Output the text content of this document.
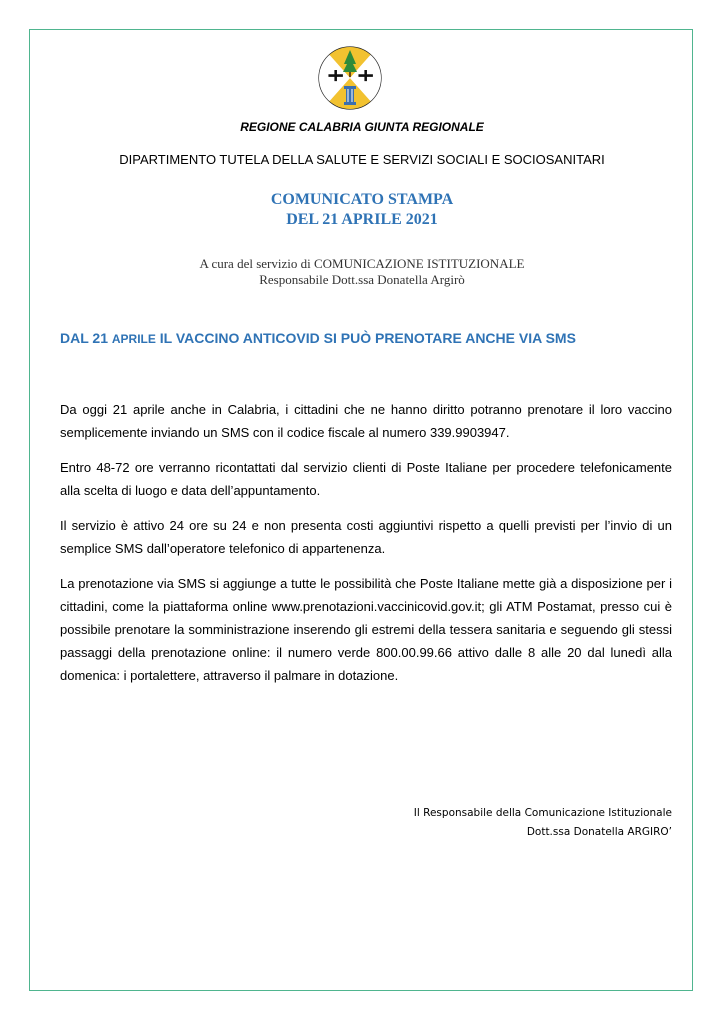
REGIONE CALABRIA GIUNTA REGIONALE
DIPARTIMENTO TUTELA DELLA SALUTE E SERVIZI SOCIALI E SOCIOSANITARI
COMUNICATO STAMPA
DEL 21 APRILE 2021
A cura del servizio di COMUNICAZIONE ISTITUZIONALE
Responsabile Dott.ssa Donatella Argirò
DAL 21 APRILE IL VACCINO ANTICOVID SI PUÒ PRENOTARE ANCHE VIA SMS

Da oggi 21 aprile anche in Calabria, i cittadini che ne hanno diritto potranno prenotare il loro vaccino semplicemente inviando un SMS con il codice fiscale al numero 339.9903947.

Entro 48-72 ore verranno ricontattati dal servizio clienti di Poste Italiane per procedere telefonicamente alla scelta di luogo e data dell’appuntamento.

Il servizio è attivo 24 ore su 24 e non presenta costi aggiuntivi rispetto a quelli previsti per l’invio di un semplice SMS dall’operatore telefonico di appartenenza.

La prenotazione via SMS si aggiunge a tutte le possibilità che Poste Italiane mette già a disposizione per i cittadini, come la piattaforma online www.prenotazioni.vaccinicovid.gov.it; gli ATM Postamat, presso cui è possibile prenotare la somministrazione inserendo gli estremi della tessera sanitaria e seguendo gli stessi passaggi della prenotazione online: il numero verde 800.00.99.66 attivo dalle 8 alle 20 dal lunedì alla domenica: i portalettere, attraverso il palmare in dotazione.

Il Responsabile della Comunicazione Istituzionale
Dott.ssa Donatella ARGIRO’
